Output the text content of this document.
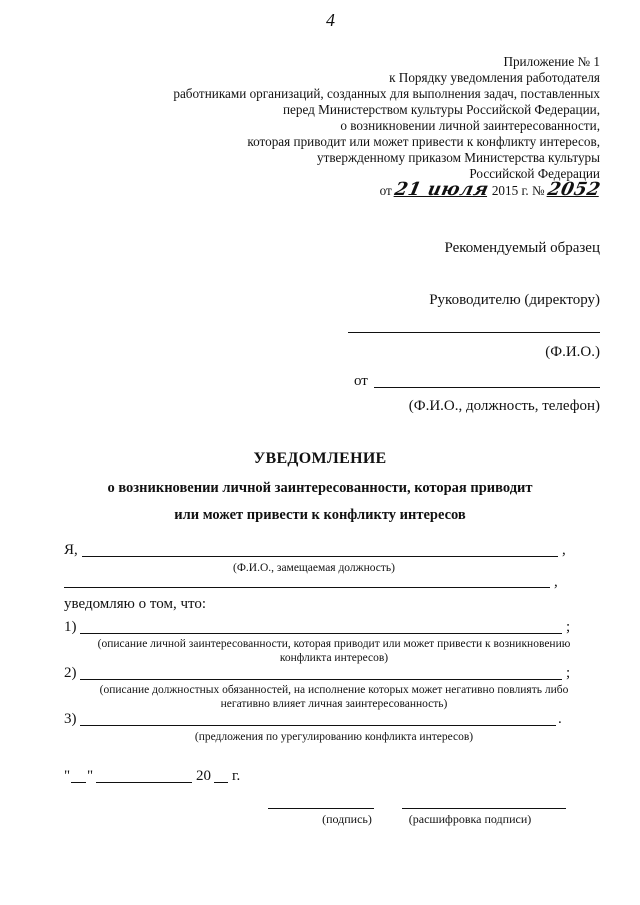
4
Приложение № 1
к Порядку уведомления работодателя
работниками организаций, созданных для выполнения задач, поставленных
перед Министерством культуры Российской Федерации,
о возникновении личной заинтересованности,
которая приводит или может привести к конфликту интересов,
утвержденному приказом Министерства культуры
Российской Федерации
от 21 июля 2015 г. № 2052
Рекомендуемый образец
Руководителю (директору)
(Ф.И.О.)
от
(Ф.И.О., должность, телефон)
УВЕДОМЛЕНИЕ
о возникновении личной заинтересованности, которая приводит
или может привести к конфликту интересов
Я,	,
(Ф.И.О., замещаемая должность)
,
уведомляю о том, что:
1)	;
(описание личной заинтересованности, которая приводит или может привести к возникновению
конфликта интересов)
2)	;
(описание должностных обязанностей, на исполнение которых может негативно повлиять либо
негативно влияет личная заинтересованность)
3)	.
(предложения по урегулированию конфликта интересов)
" "	20 г.
(подпись)	(расшифровка подписи)
